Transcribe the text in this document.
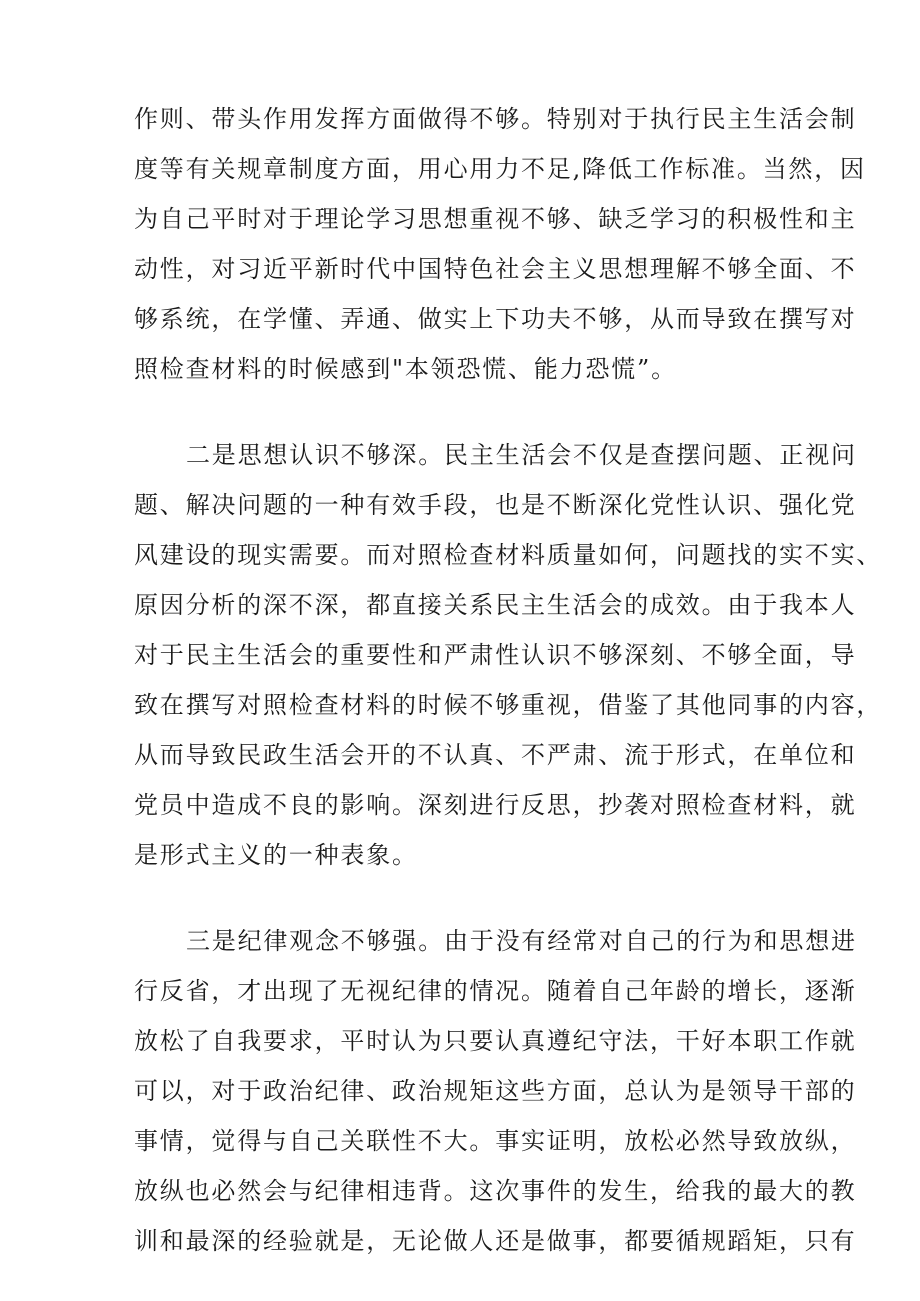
作则、带头作用发挥方面做得不够。特别对于执行民主生活会制
度等有关规章制度方面，用心用力不足,降低工作标准。当然，因
为自己平时对于理论学习思想重视不够、缺乏学习的积极性和主
动性，对习近平新时代中国特色社会主义思想理解不够全面、不
够系统，在学懂、弄通、做实上下功夫不够，从而导致在撰写对
照检查材料的时候感到"本领恐慌、能力恐慌”。
二是思想认识不够深。民主生活会不仅是查摆问题、正视问
题、解决问题的一种有效手段，也是不断深化党性认识、强化党
风建设的现实需要。而对照检查材料质量如何，问题找的实不实、
原因分析的深不深，都直接关系民主生活会的成效。由于我本人
对于民主生活会的重要性和严肃性认识不够深刻、不够全面，导
致在撰写对照检查材料的时候不够重视，借鉴了其他同事的内容，
从而导致民政生活会开的不认真、不严肃、流于形式，在单位和
党员中造成不良的影响。深刻进行反思，抄袭对照检查材料，就
是形式主义的一种表象。
三是纪律观念不够强。由于没有经常对自己的行为和思想进
行反省，才出现了无视纪律的情况。随着自己年龄的增长，逐渐
放松了自我要求，平时认为只要认真遵纪守法，干好本职工作就
可以，对于政治纪律、政治规矩这些方面，总认为是领导干部的
事情，觉得与自己关联性不大。事实证明，放松必然导致放纵，
放纵也必然会与纪律相违背。这次事件的发生，给我的最大的教
训和最深的经验就是，无论做人还是做事，都要循规蹈矩，只有
